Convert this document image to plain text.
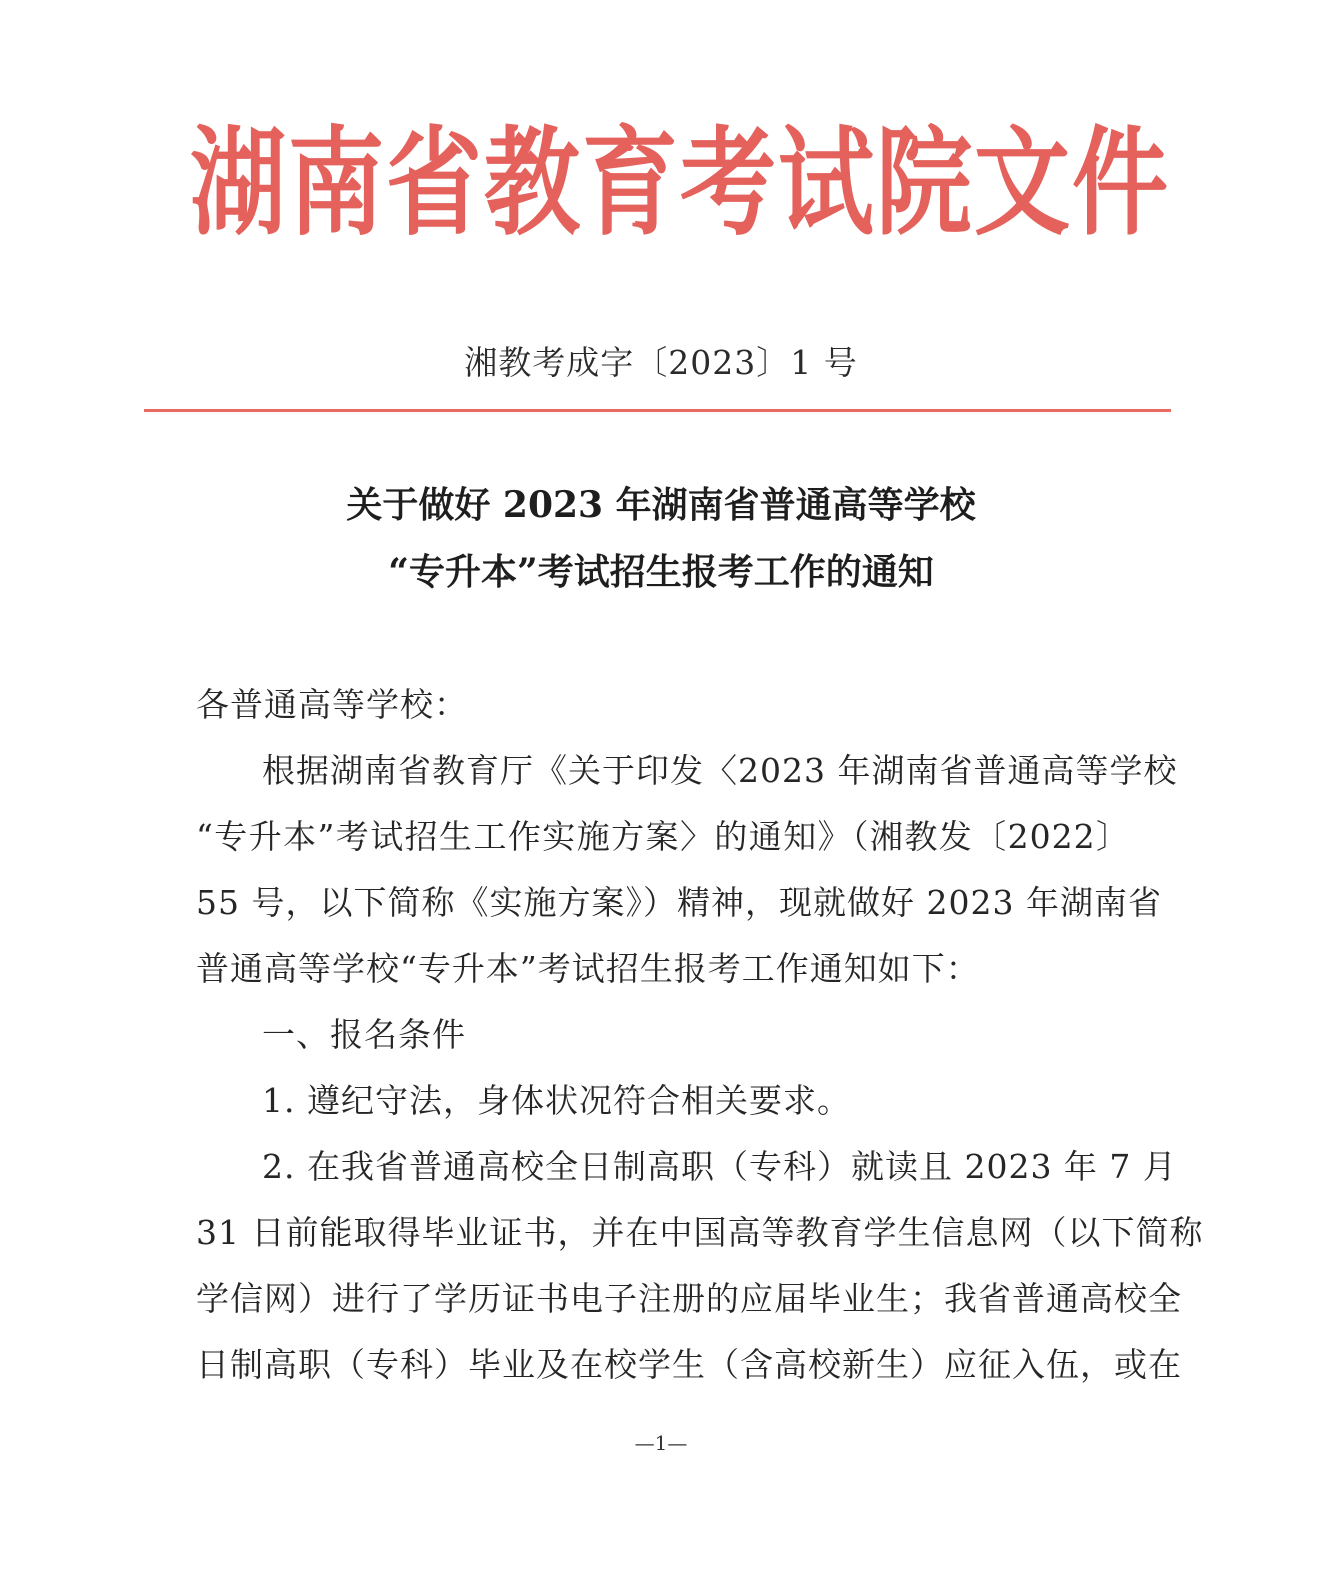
湖南省教育考试院文件
湘教考成字〔2023〕1 号
关于做好 2023 年湖南省普通高等学校
“专升本”考试招生报考工作的通知
各普通高等学校：
根据湖南省教育厅《关于印发〈2023 年湖南省普通高等学校
“专升本”考试招生工作实施方案〉的通知》（湘教发〔2022〕
55 号，以下简称《实施方案》）精神，现就做好 2023 年湖南省
普通高等学校“专升本”考试招生报考工作通知如下：
一、报名条件
1. 遵纪守法，身体状况符合相关要求。
2. 在我省普通高校全日制高职（专科）就读且 2023 年 7 月
31 日前能取得毕业证书，并在中国高等教育学生信息网（以下简称
学信网）进行了学历证书电子注册的应届毕业生；我省普通高校全
日制高职（专科）毕业及在校学生（含高校新生）应征入伍，或在
—1—
